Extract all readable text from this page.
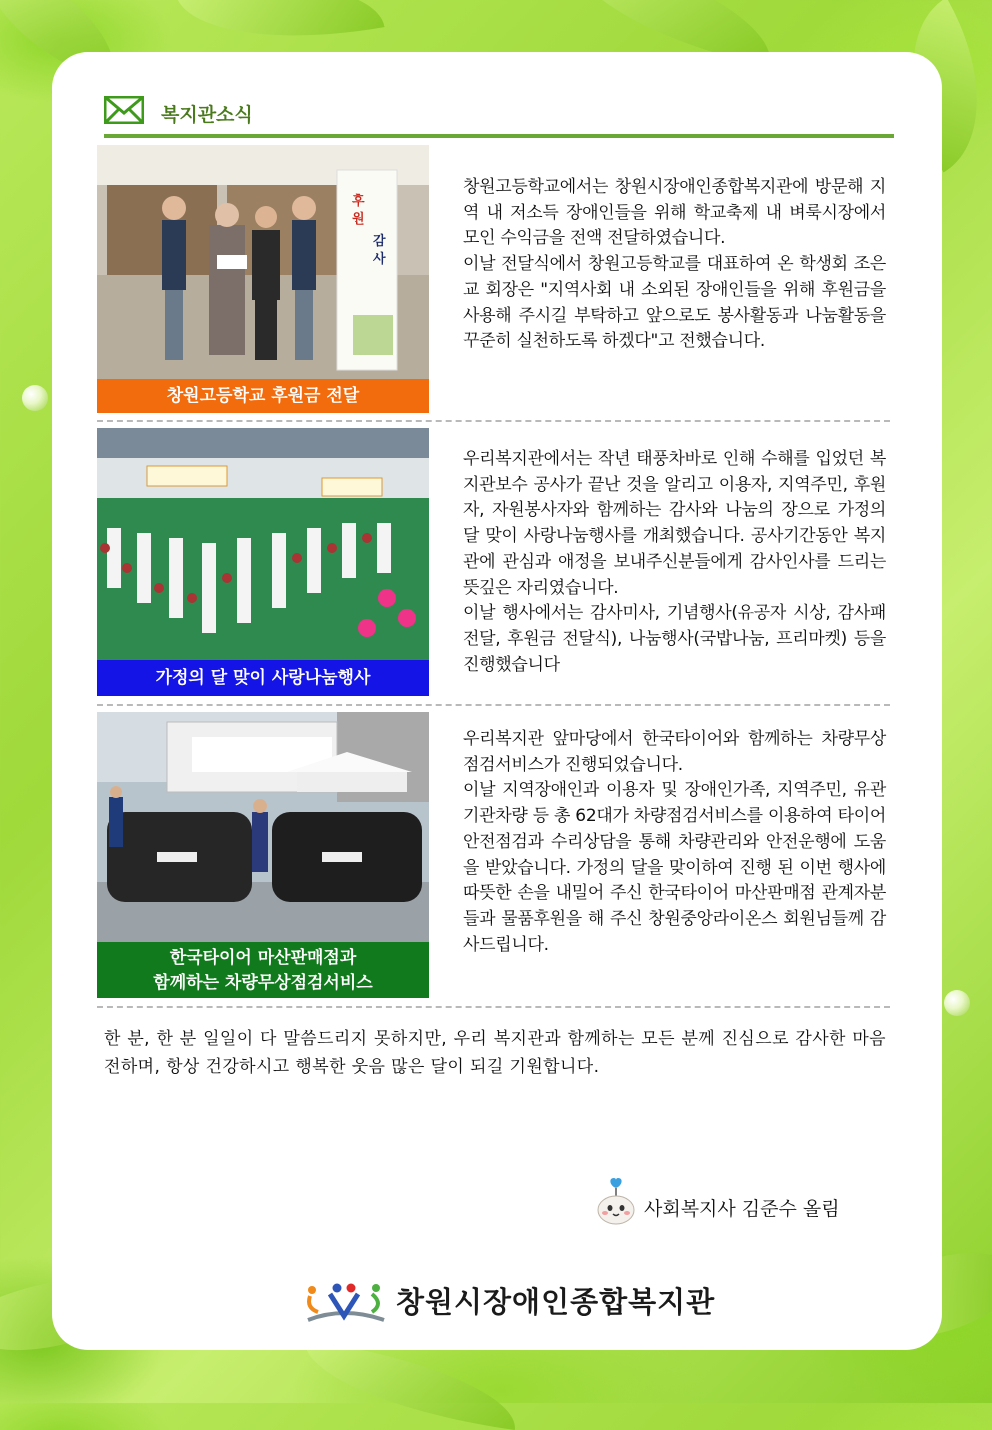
복지관소식
후
원
감
사
창원고등학교 후원금 전달

창원고등학교에서는 창원시장애인종합복지관에 방문해 지역 내 저소득 장애인들을 위해 학교축제 내 벼룩시장에서 모인 수익금을 전액 전달하였습니다.

이날 전달식에서 창원고등학교를 대표하여 온 학생회 조은교 회장은 "지역사회 내 소외된 장애인들을 위해 후원금을 사용해 주시길 부탁하고 앞으로도 봉사활동과 나눔활동을 꾸준히 실천하도록 하겠다"고 전했습니다.

가정의 달 맞이 사랑나눔행사

우리복지관에서는 작년 태풍차바로 인해 수해를 입었던 복지관보수 공사가 끝난 것을 알리고 이용자, 지역주민, 후원자, 자원봉사자와 함께하는 감사와 나눔의 장으로 가정의 달 맞이 사랑나눔행사를 개최했습니다. 공사기간동안 복지관에 관심과 애정을 보내주신분들에게 감사인사를 드리는 뜻깊은 자리였습니다.

이날 행사에서는 감사미사, 기념행사(유공자 시상, 감사패 전달, 후원금 전달식), 나눔행사(국밥나눔, 프리마켓) 등을 진행했습니다

한국타이어 마산판매점과
함께하는 차량무상점검서비스

우리복지관 앞마당에서 한국타이어와 함께하는 차량무상점검서비스가 진행되었습니다.

이날 지역장애인과 이용자 및 장애인가족, 지역주민, 유관기관차량 등 총 62대가 차량점검서비스를 이용하여 타이어 안전점검과 수리상담을 통해 차량관리와 안전운행에 도움을 받았습니다. 가정의 달을 맞이하여 진행 된 이번 행사에 따뜻한 손을 내밀어 주신 한국타이어 마산판매점 관계자분들과 물품후원을 해 주신 창원중앙라이온스 회원님들께 감사드립니다.

한 분, 한 분 일일이 다 말씀드리지 못하지만, 우리 복지관과 함께하는 모든 분께 진심으로 감사한 마음 전하며, 항상 건강하시고 행복한 웃음 많은 달이 되길 기원합니다.
사회복지사 김준수 올림
창원시장애인종합복지관
